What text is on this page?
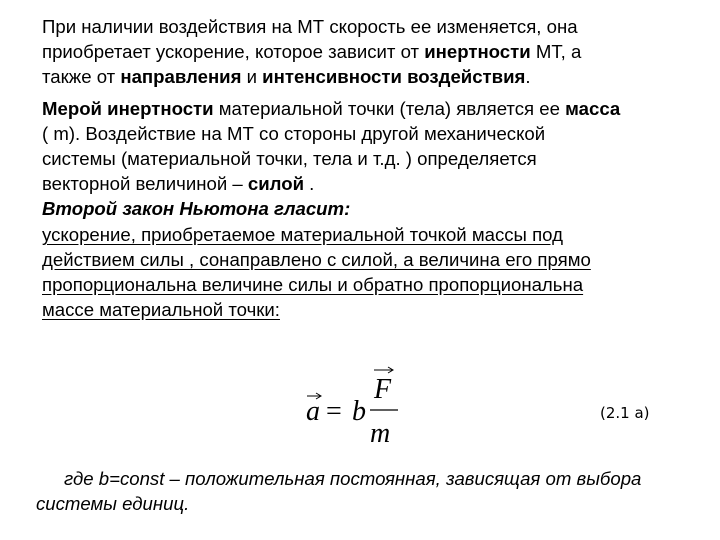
При наличии воздействия на МТ скорость ее изменяется, она
приобретает ускорение, которое зависит от инертности МТ, а
также от направления и интенсивности воздействия.
Мерой инертности материальной точки (тела) является ее масса
( m). Воздействие на МТ со стороны другой механической
системы (материальной точки, тела и т.д. ) определяется
векторной величиной – силой .
Второй закон Ньютона гласит:
ускорение, приобретаемое материальной точкой массы под
действием силы , сонаправлено с силой, а величина его прямо
пропорциональна величине силы и обратно пропорциональна
массе материальной точки:
a = b
F
m
(2.1 а)
где b=const – положительная постоянная, зависящая от выбора
системы единиц.
